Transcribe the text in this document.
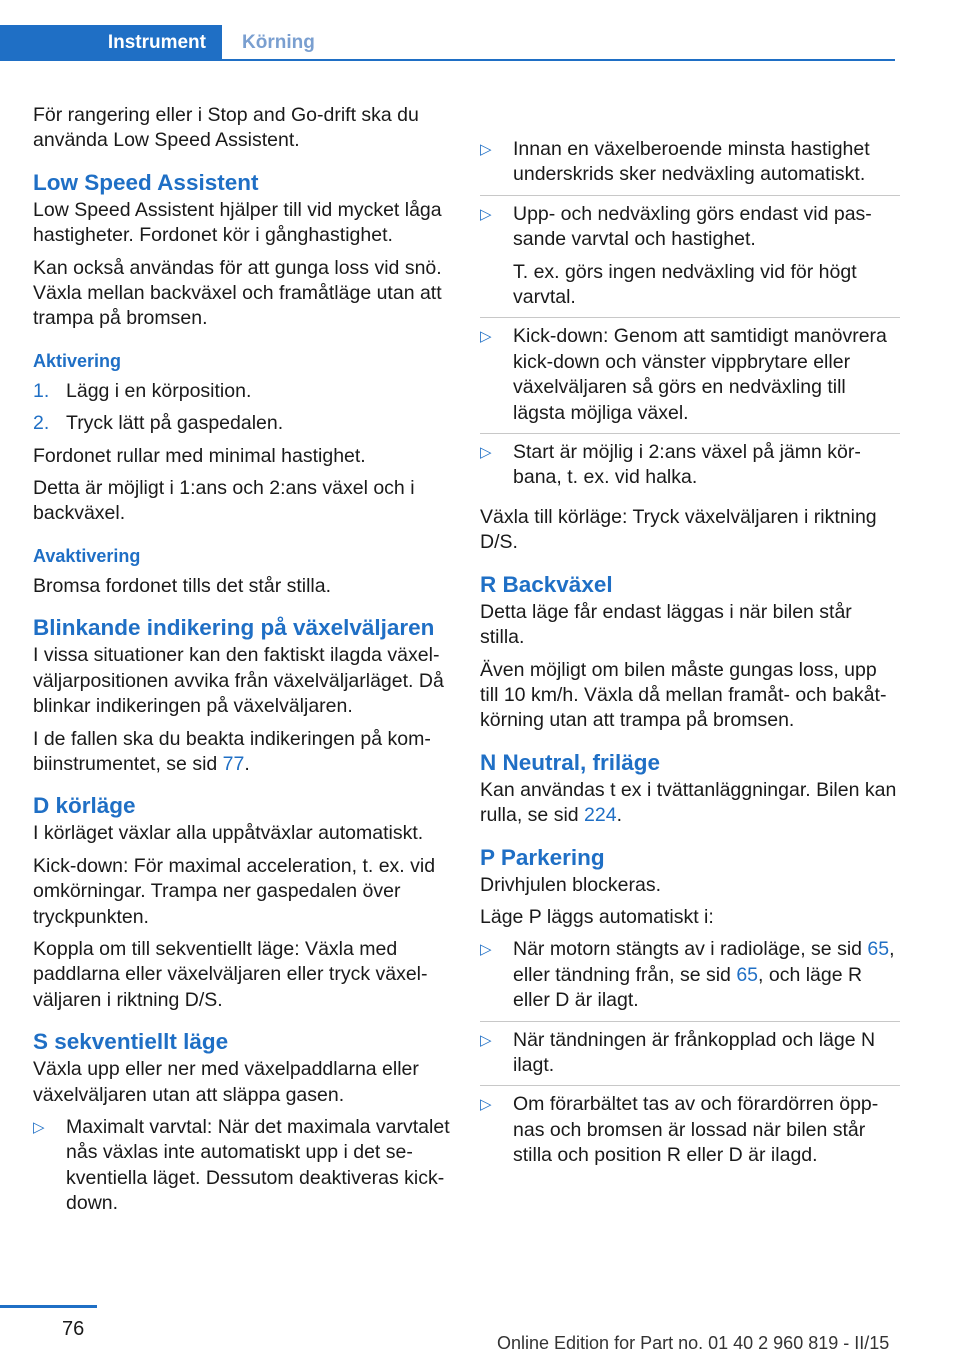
Instrument Körning

För rangering eller i Stop and Go-drift ska du använda Low Speed Assistent.

Low Speed Assistent

Low Speed Assistent hjälper till vid mycket låga hastigheter. Fordonet kör i gånghastighet.

Kan också användas för att gunga loss vid snö. Växla mellan backväxel och framåtläge utan att trampa på bromsen.

Aktivering
1. Lägg i en körposition.
2. Tryck lätt på gaspedalen.

Fordonet rullar med minimal hastighet.

Detta är möjligt i 1:ans och 2:ans växel och i backväxel.

Avaktivering

Bromsa fordonet tills det står stilla.

Blinkande indikering på växelväljaren

I vissa situationer kan den faktiskt ilagda växelväljarpositionen avvika från växelväljarläget. Då blinkar indikeringen på växelväljaren.

I de fallen ska du beakta indikeringen på kombiinstrumentet, se sid 77.

D körläge

I körläget växlar alla uppåtväxlar automatiskt.

Kick-down: För maximal acceleration, t. ex. vid omkörningar. Trampa ner gaspedalen över tryckpunkten.

Koppla om till sekventiellt läge: Växla med paddlarna eller växelväljaren eller tryck växelväljaren i riktning D/S.

S sekventiellt läge

Växla upp eller ner med växelpaddlarna eller växelväljaren utan att släppa gasen.

▷ Maximalt varvtal: När det maximala varvtalet nås växlas inte automatiskt upp i det sekventiella läget. Dessutom deaktiveras kick-down.
▷ Innan en växelberoende minsta hastighet underskrids sker nedväxling automatiskt.
▷ Upp- och nedväxling görs endast vid passande varvtal och hastighet.
T. ex. görs ingen nedväxling vid för högt varvtal.
▷ Kick-down: Genom att samtidigt manövrera kick-down och vänster vippbrytare eller växelväljaren så görs en nedväxling till lägsta möjliga växel.
▷ Start är möjlig i 2:ans växel på jämn körbana, t. ex. vid halka.

Växla till körläge: Tryck växelväljaren i riktning D/S.

R Backväxel

Detta läge får endast läggas i när bilen står stilla.

Även möjligt om bilen måste gungas loss, upp till 10 km/h. Växla då mellan framåt- och bakåtkörning utan att trampa på bromsen.

N Neutral, friläge

Kan användas t ex i tvättanläggningar. Bilen kan rulla, se sid 224.

P Parkering

Drivhjulen blockeras.

Läge P läggs automatiskt i:

▷ När motorn stängts av i radioläge, se sid 65, eller tändning från, se sid 65, och läge R eller D är ilagt.
▷ När tändningen är frånkopplad och läge N ilagt.
▷ Om förarbältet tas av och förardörren öppnas och bromsen är lossad när bilen står stilla och position R eller D är ilagd.
76
Online Edition for Part no. 01 40 2 960 819 - II/15
